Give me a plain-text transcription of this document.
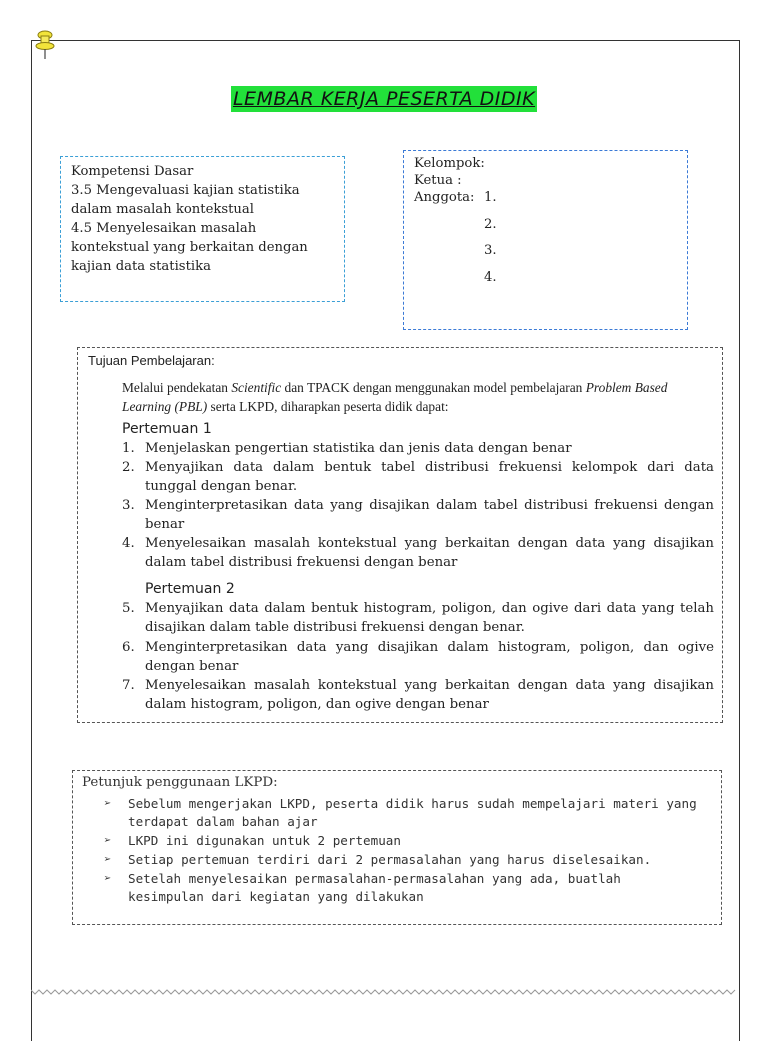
LEMBAR KERJA PESERTA DIDIK
Kompetensi Dasar
3.5 Mengevaluasi kajian statistika
dalam masalah kontekstual
4.5 Menyelesaikan masalah
kontekstual yang berkaitan dengan
kajian data statistika
Kelompok:
Ketua :
Anggota: 1.
2.
3.
4.
Tujuan Pembelajaran:
Melalui pendekatan Scientific dan TPACK dengan menggunakan model pembelajaran Problem Based Learning (PBL) serta LKPD, diharapkan peserta didik dapat:
Pertemuan 1
1. Menjelaskan pengertian statistika dan jenis data dengan benar
2. Menyajikan data dalam bentuk tabel distribusi frekuensi kelompok dari data tunggal dengan benar.
3. Menginterpretasikan data yang disajikan dalam tabel distribusi frekuensi dengan benar
4. Menyelesaikan masalah kontekstual yang berkaitan dengan data yang disajikan dalam tabel distribusi frekuensi dengan benar
Pertemuan 2
5. Menyajikan data dalam bentuk histogram, poligon, dan ogive dari data yang telah disajikan dalam table distribusi frekuensi dengan benar.
6. Menginterpretasikan data yang disajikan dalam histogram, poligon, dan ogive dengan benar
7. Menyelesaikan masalah kontekstual yang berkaitan dengan data yang disajikan dalam histogram, poligon, dan ogive dengan benar
Petunjuk penggunaan LKPD:
➢	Sebelum mengerjakan LKPD, peserta didik harus sudah mempelajari materi yang terdapat dalam bahan ajar
➢	LKPD ini digunakan untuk 2 pertemuan
➢	Setiap pertemuan terdiri dari 2 permasalahan yang harus diselesaikan.
➢	Setelah menyelesaikan permasalahan-permasalahan yang ada, buatlah kesimpulan dari kegiatan yang dilakukan
